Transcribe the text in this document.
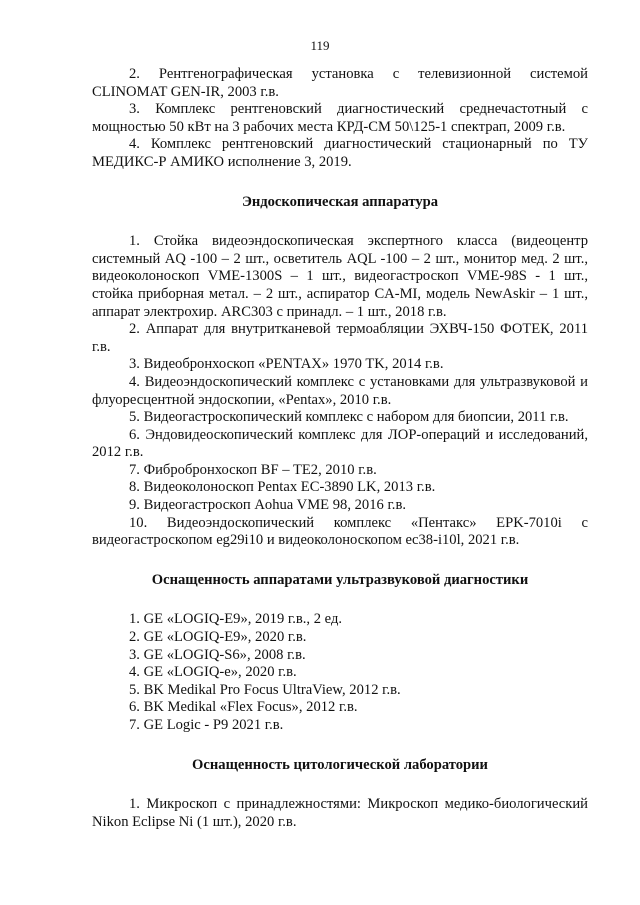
119

2. Рентгенографическая установка с телевизионной системой CLINOMAT GEN-IR, 2003 г.в.

3. Комплекс рентгеновский диагностический среднечастотный с мощностью 50 кВт на 3 рабочих места КРД-СМ 50\125-1 спектрап, 2009 г.в.

4. Комплекс рентгеновский диагностический стационарный по ТУ МЕДИКС-Р АМИКО исполнение 3, 2019.

Эндоскопическая аппаратура

1. Стойка видеоэндоскопическая экспертного класса (видеоцентр системный AQ -100 – 2 шт., осветитель AQL -100 – 2 шт., монитор мед. 2 шт., видеоколоноскоп VME-1300S – 1 шт., видеогастроскоп VME-98S - 1 шт., стойка приборная метал. – 2 шт., аспиратор CA-MI, модель NewAskir – 1 шт., аппарат электрохир. ARC303 с принадл. – 1 шт., 2018 г.в.

2. Аппарат для внутритканевой термоабляции ЭХВЧ-150 ФОТЕК, 2011 г.в.

3. Видеобронхоскоп «PENTAX» 1970 TK, 2014 г.в.

4. Видеоэндоскопический комплекс с установками для ультразвуковой и флуоресцентной эндоскопии, «Pentax», 2010 г.в.

5. Видеогастроскопический комплекс с набором для биопсии, 2011 г.в.

6. Эндовидеоскопический комплекс для ЛОР-операций и исследований, 2012 г.в.

7. Фибробронхоскоп BF – TE2, 2010 г.в.

8. Видеоколоноскоп Pentax EC-3890 LK, 2013 г.в.

9. Видеогастроскоп Aohua VME 98, 2016 г.в.

10. Видеоэндоскопический комплекс «Пентакс» EPK-7010i с видеогастроскопом eg29i10 и видеоколоноскопом ec38-i10l, 2021 г.в.

Оснащенность аппаратами ультразвуковой диагностики

1. GE «LOGIQ-E9», 2019 г.в., 2 ед.

2. GE «LOGIQ-E9», 2020 г.в.

3. GE «LOGIQ-S6», 2008 г.в.

4. GE «LOGIQ-e», 2020 г.в.

5. BK Medikal Pro Focus UltraView, 2012 г.в.

6. BK Medikal «Flex Focus», 2012 г.в.

7. GE Logic - P9 2021 г.в.

Оснащенность цитологической лаборатории

1. Микроскоп с принадлежностями: Микроскоп медико-биологический Nikon Eclipse Ni (1 шт.), 2020 г.в.
